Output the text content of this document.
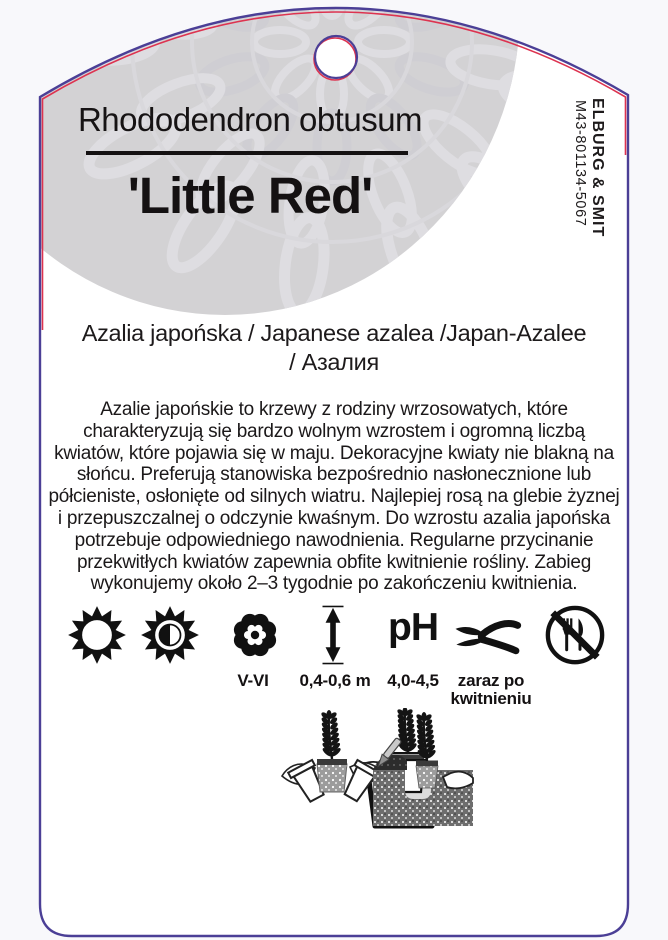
Rhododendron obtusum
'Little Red'	ELBURG & SMIT
M43-801134-5067
Azalia japońska / Japanese azalea /Japan-Azalee
/ Азалия
Azalie japońskie to krzewy z rodziny wrzosowatych, które charakteryzują się bardzo wolnym wzrostem i ogromną liczbą kwiatów, które pojawia się w maju. Dekoracyjne kwiaty nie blakną na słońcu. Preferują stanowiska bezpośrednio nasłonecznione lub półcieniste, osłonięte od silnych wiatru. Najlepiej rosą na glebie żyznej i przepuszczalnej o odczynie kwaśnym. Do wzrostu azalia japońska potrzebuje odpowiedniego nawodnienia. Regularne przycinanie przekwitłych kwiatów zapewnia obfite kwitnienie rośliny. Zabieg wykonujemy około 2–3 tygodnie po zakończeniu kwitnienia.
pH
V-VI	0,4-0,6 m 4,0-4,5	zaraz po kwitnieniu
